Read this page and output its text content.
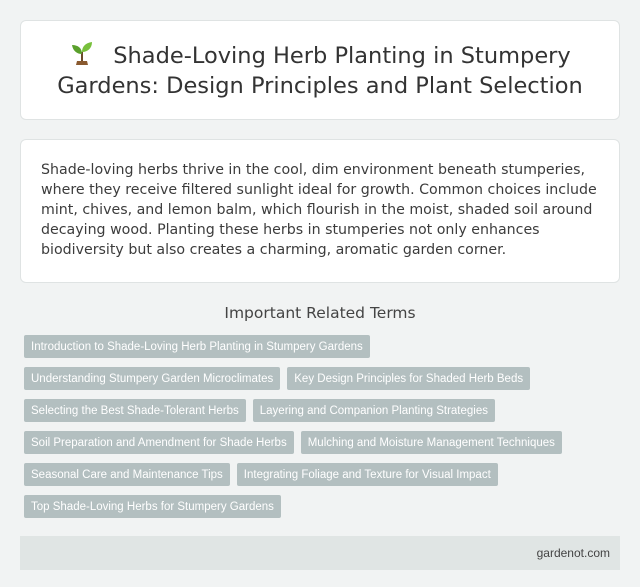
Shade-Loving Herb Planting in Stumpery Gardens: Design Principles and Plant Selection

Shade-loving herbs thrive in the cool, dim environment beneath stumperies, where they receive filtered sunlight ideal for growth. Common choices include mint, chives, and lemon balm, which flourish in the moist, shaded soil around decaying wood. Planting these herbs in stumperies not only enhances biodiversity but also creates a charming, aromatic garden corner.

Important Related Terms
Introduction to Shade-Loving Herb Planting in Stumpery Gardens
Understanding Stumpery Garden Microclimates	Key Design Principles for Shaded Herb Beds
Selecting the Best Shade-Tolerant Herbs	Layering and Companion Planting Strategies
Soil Preparation and Amendment for Shade Herbs	Mulching and Moisture Management Techniques
Seasonal Care and Maintenance Tips	Integrating Foliage and Texture for Visual Impact
Top Shade-Loving Herbs for Stumpery Gardens
gardenot.com
